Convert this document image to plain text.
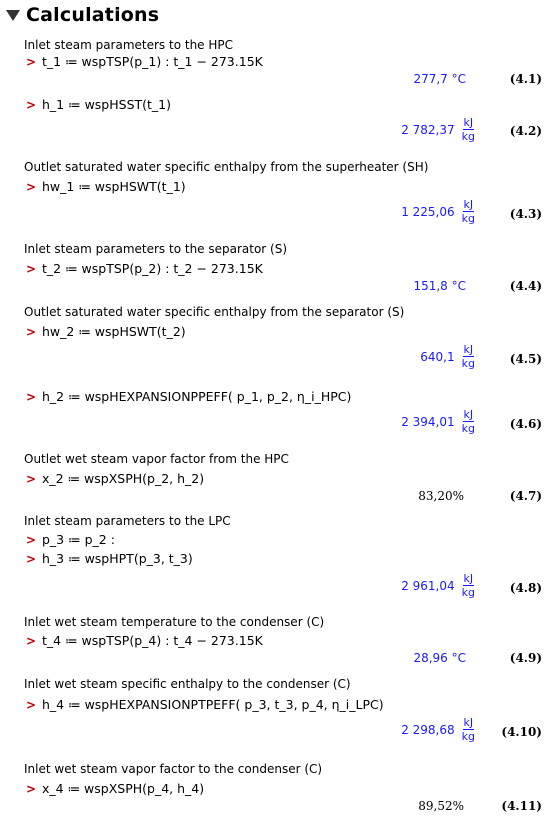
Calculations
Inlet steam parameters to the HPC
> t_1 ≔ wspTSP(p_1) : t_1 − 273.15K
277,7 °C	(4.1)
> h_1 ≔ wspHSST(t_1)
2 $782,37 \frac{kJ}{kg}$	(4.2)
Outlet saturated water specific enthalpy from the superheater (SH)
> hw_1 ≔ wspHSWT(t_1)
1 $225,06 \frac{kJ}{kg}$	(4.3)
Inlet steam parameters to the separator (S)
> t_2 ≔ wspTSP(p_2) : t_2 − 273.15K
151,8 °C	(4.4)
Outlet saturated water specific enthalpy from the separator (S)
> hw_2 ≔ wspHSWT(t_2)
$640,1 \frac{kJ}{kg}$	(4.5)
> h_2 ≔ wspHEXPANSIONPPEFF( p_1, p_2, η_i_HPC)
2 $394,01 \frac{kJ}{kg}$	(4.6)
Outlet wet steam vapor factor from the HPC
> x_2 ≔ wspXSPH(p_2, h_2)
83,20%	(4.7)
Inlet steam parameters to the LPC
> p_3 ≔ p_2 :
> h_3 ≔ wspHPT(p_3, t_3)
2 $961,04 \frac{kJ}{kg}$	(4.8)
Inlet wet steam temperature to the condenser (C)
> t_4 ≔ wspTSP(p_4) : t_4 − 273.15K
28,96 °C	(4.9)
Inlet wet steam specific enthalpy to the condenser (C)
> h_4 ≔ wspHEXPANSIONPTPEFF( p_3, t_3, p_4, η_i_LPC)
2 $298,68 \frac{kJ}{kg} (4.10)$
Inlet wet steam vapor factor to the condenser (C)
> x_4 ≔ wspXSPH(p_4, h_4)
89,52%	(4.11)
